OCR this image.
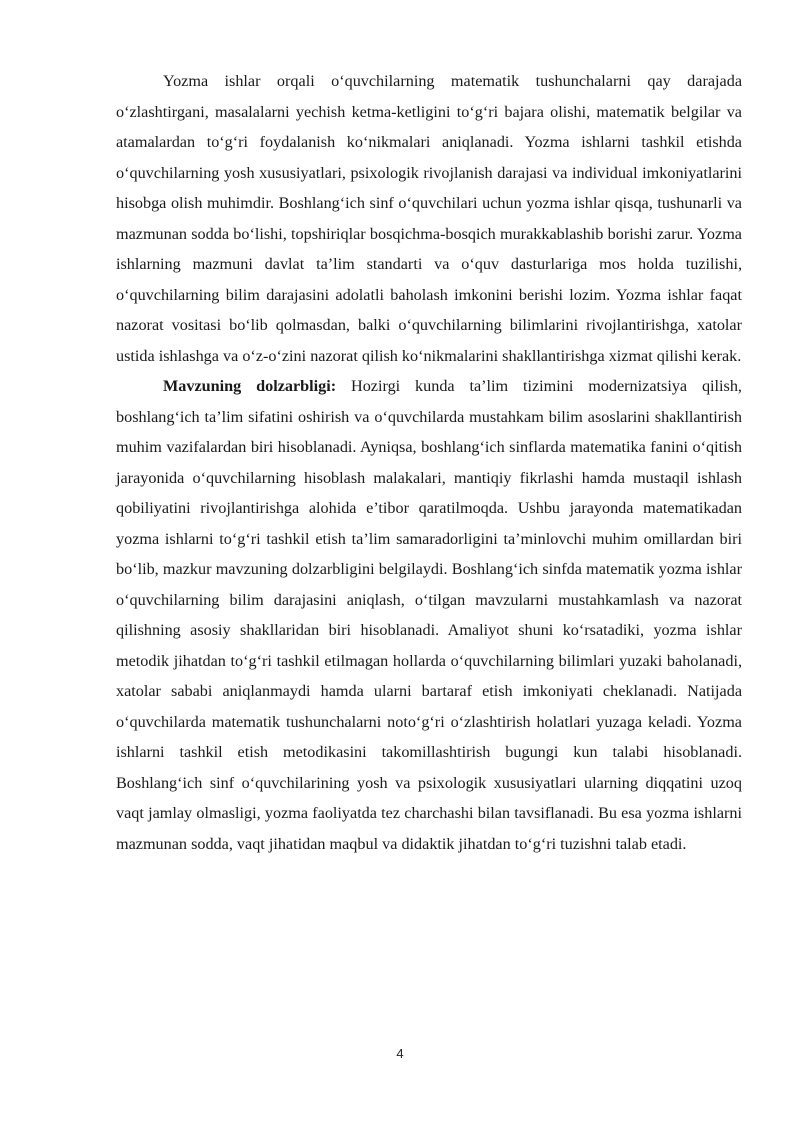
Yozma ishlar orqali o‘quvchilarning matematik tushunchalarni qay darajada o‘zlashtirgani, masalalarni yechish ketma-ketligini to‘g‘ri bajara olishi, matematik belgilar va atamalardan to‘g‘ri foydalanish ko‘nikmalari aniqlanadi. Yozma ishlarni tashkil etishda o‘quvchilarning yosh xususiyatlari, psixologik rivojlanish darajasi va individual imkoniyatlarini hisobga olish muhimdir. Boshlang‘ich sinf o‘quvchilari uchun yozma ishlar qisqa, tushunarli va mazmunan sodda bo‘lishi, topshiriqlar bosqichma-bosqich murakkablashib borishi zarur. Yozma ishlarning mazmuni davlat ta’lim standarti va o‘quv dasturlariga mos holda tuzilishi, o‘quvchilarning bilim darajasini adolatli baholash imkonini berishi lozim. Yozma ishlar faqat nazorat vositasi bo‘lib qolmasdan, balki o‘quvchilarning bilimlarini rivojlantirishga, xatolar ustida ishlashga va o‘z-o‘zini nazorat qilish ko‘nikmalarini shakllantirishga xizmat qilishi kerak.

Mavzuning dolzarbligi: Hozirgi kunda ta’lim tizimini modernizatsiya qilish, boshlang‘ich ta’lim sifatini oshirish va o‘quvchilarda mustahkam bilim asoslarini shakllantirish muhim vazifalardan biri hisoblanadi. Ayniqsa, boshlang‘ich sinflarda matematika fanini o‘qitish jarayonida o‘quvchilarning hisoblash malakalari, mantiqiy fikrlashi hamda mustaqil ishlash qobiliyatini rivojlantirishga alohida e’tibor qaratilmoqda. Ushbu jarayonda matematikadan yozma ishlarni to‘g‘ri tashkil etish ta’lim samaradorligini ta’minlovchi muhim omillardan biri bo‘lib, mazkur mavzuning dolzarbligini belgilaydi. Boshlang‘ich sinfda matematik yozma ishlar o‘quvchilarning bilim darajasini aniqlash, o‘tilgan mavzularni mustahkamlash va nazorat qilishning asosiy shakllaridan biri hisoblanadi. Amaliyot shuni ko‘rsatadiki, yozma ishlar metodik jihatdan to‘g‘ri tashkil etilmagan hollarda o‘quvchilarning bilimlari yuzaki baholanadi, xatolar sababi aniqlanmaydi hamda ularni bartaraf etish imkoniyati cheklanadi. Natijada o‘quvchilarda matematik tushunchalarni noto‘g‘ri o‘zlashtirish holatlari yuzaga keladi. Yozma ishlarni tashkil etish metodikasini takomillashtirish bugungi kun talabi hisoblanadi. Boshlang‘ich sinf o‘quvchilarining yosh va psixologik xususiyatlari ularning diqqatini uzoq vaqt jamlay olmasligi, yozma faoliyatda tez charchashi bilan tavsiflanadi. Bu esa yozma ishlarni mazmunan sodda, vaqt jihatidan maqbul va didaktik jihatdan to‘g‘ri tuzishni talab etadi.

4
